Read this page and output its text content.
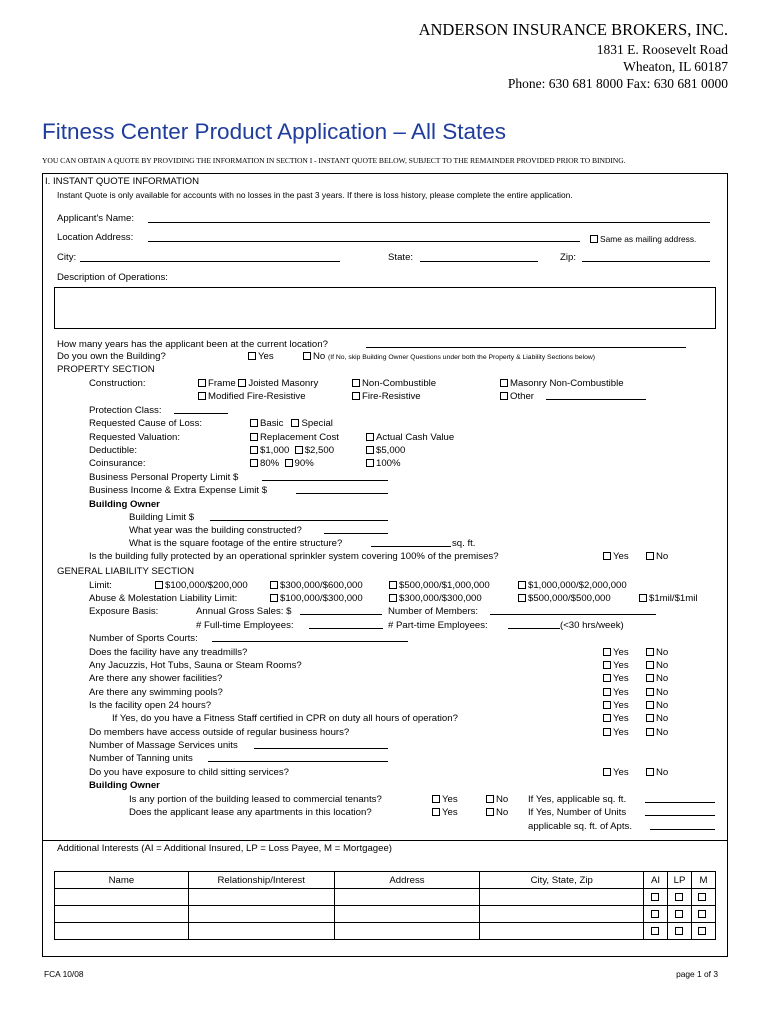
ANDERSON INSURANCE BROKERS, INC.
1831 E. Roosevelt Road
Wheaton, IL 60187
Phone: 630 681 8000 Fax: 630 681 0000
Fitness Center Product Application – All States
YOU CAN OBTAIN A QUOTE BY PROVIDING THE INFORMATION IN SECTION I - INSTANT QUOTE BELOW, SUBJECT TO THE REMAINDER PROVIDED PRIOR TO BINDING.
I. INSTANT QUOTE INFORMATION
Instant Quote is only available for accounts with no losses in the past 3 years. If there is loss history, please complete the entire application.
Applicant's Name:
Location Address:	Same as mailing address.
City:	State:	Zip:
Description of Operations:
How many years has the applicant been at the current location?
Do you own the Building?	Yes	No (If No, skip Building Owner Questions under both the Property & Liability Sections below)
PROPERTY SECTION
Construction:	Frame Joisted Masonry	Non-Combustible	Masonry Non-Combustible
Modified Fire-Resistive	Fire-Resistive	Other
Protection Class:
Requested Cause of Loss:	Basic Special
Requested Valuation:	Replacement Cost	Actual Cash Value
Deductible:	$1,000 $2,500	$5,000
Coinsurance:	80% 90%	100%
Business Personal Property Limit $
Business Income & Extra Expense Limit $
Building Owner
Building Limit $
What year was the building constructed?
What is the square footage of the entire structure?	sq. ft.
Is the building fully protected by an operational sprinkler system covering 100% of the premises?	Yes	No
GENERAL LIABILITY SECTION
Limit:	$100,000/$200,000	$300,000/$600,000	$500,000/$1,000,000	$1,000,000/$2,000,000
Abuse & Molestation Liability Limit:	$100,000/$300,000	$300,000/$300,000	$500,000/$500,000	$1mil/$1mil
Exposure Basis:	Annual Gross Sales: $	Number of Members:
# Full-time Employees:	# Part-time Employees:	(<30 hrs/week)
Number of Sports Courts:
Does the facility have any treadmills?	Yes	No
Any Jacuzzis, Hot Tubs, Sauna or Steam Rooms?	Yes	No
Are there any shower facilities?	Yes	No
Are there any swimming pools?	Yes	No
Is the facility open 24 hours?	Yes	No
If Yes, do you have a Fitness Staff certified in CPR on duty all hours of operation?	Yes	No
Do members have access outside of regular business hours?	Yes	No
Do you have exposure to child sitting services?	Yes	No
Number of Massage Services units
Number of Tanning units
Building Owner
Is any portion of the building leased to commercial tenants?	Yes	No If Yes, applicable sq. ft.
Does the applicant lease any apartments in this location?	Yes	No If Yes, Number of Units
applicable sq. ft. of Apts.
Additional Interests (AI = Additional Insured, LP = Loss Payee, M = Mortgagee)
Name	Relationship/Interest	Address	City, State, Zip	AI	LP	M

FCA 10/08	page 1 of 3
